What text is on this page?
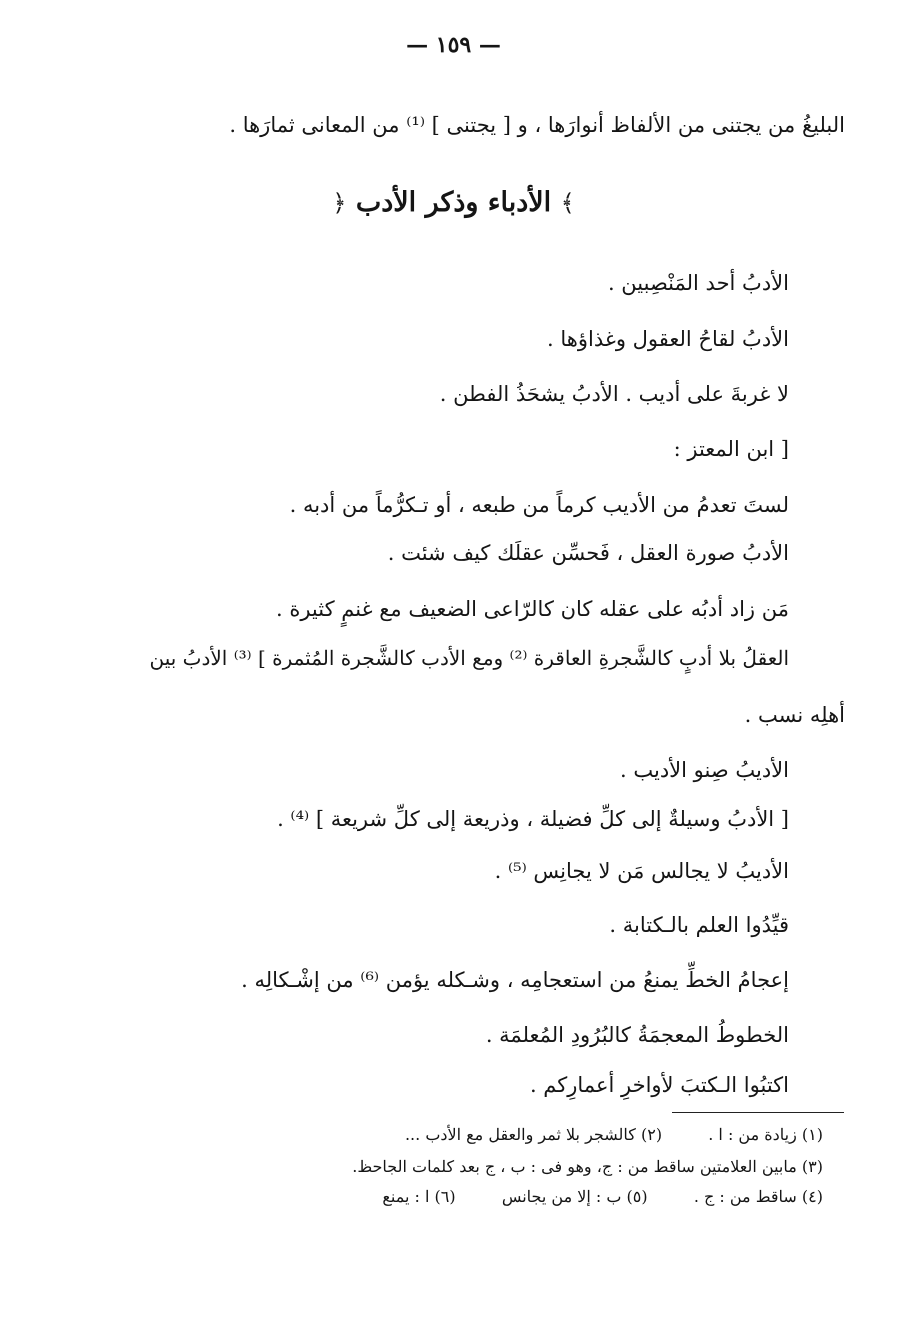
— ١٥٩ —
البليغُ من يجتنى من الألفاظ أنوارَها ، و [ يجتنى ] ⁽¹⁾ من المعانى ثمارَها .
﴾ الأدباء وذكر الأدب ﴿
الأدبُ أحد المَنْصِبين .
الأدبُ لقاحُ العقول وغذاؤها .
لا غربةَ على أديب . الأدبُ يشحَذُ الفطن .
[ ابن المعتز :
لستَ تعدمُ من الأديب كرماً من طبعه ، أو تـكرُّماً من أدبه .
الأدبُ صورة العقل ، فَحسِّن عقلَك كيف شئت .
مَن زاد أدبُه على عقله كان كالرّاعى الضعيف مع غنمٍ كثيرة .
العقلُ بلا أدبٍ كالشَّجرةِ العاقرة ⁽²⁾ ومع الأدب كالشَّجرة المُثمرة ] ⁽³⁾ الأدبُ بين
أهلِه نسب .
الأديبُ صِنو الأديب .
[ الأدبُ وسيلةٌ إلى كلِّ فضيلة ، وذريعة إلى كلِّ شريعة ] ⁽⁴⁾ .
الأديبُ لا يجالس مَن لا يجانِس ⁽⁵⁾ .
قيِّدُوا العلم بالـكتابة .
إعجامُ الخطِّ يمنعُ من استعجامِه ، وشـكله يؤمن ⁽⁶⁾ من إشْـكالِه .
الخطوطُ المعجمَةُ كالبُرُودِ المُعلمَة .
اكتبُوا الـكتبَ لأواخرِ أعمارِكم .
(١) زيادة من : ا .  (٢) كالشجر بلا ثمر والعقل مع الأدب ...
(٣) مابين العلامتين ساقط من : ج، وهو فى : ب ، ج بعد كلمات الجاحظ.
(٤) ساقط من : ج .  (٥) ب : إلا من يجانس  (٦) ا : يمنع
